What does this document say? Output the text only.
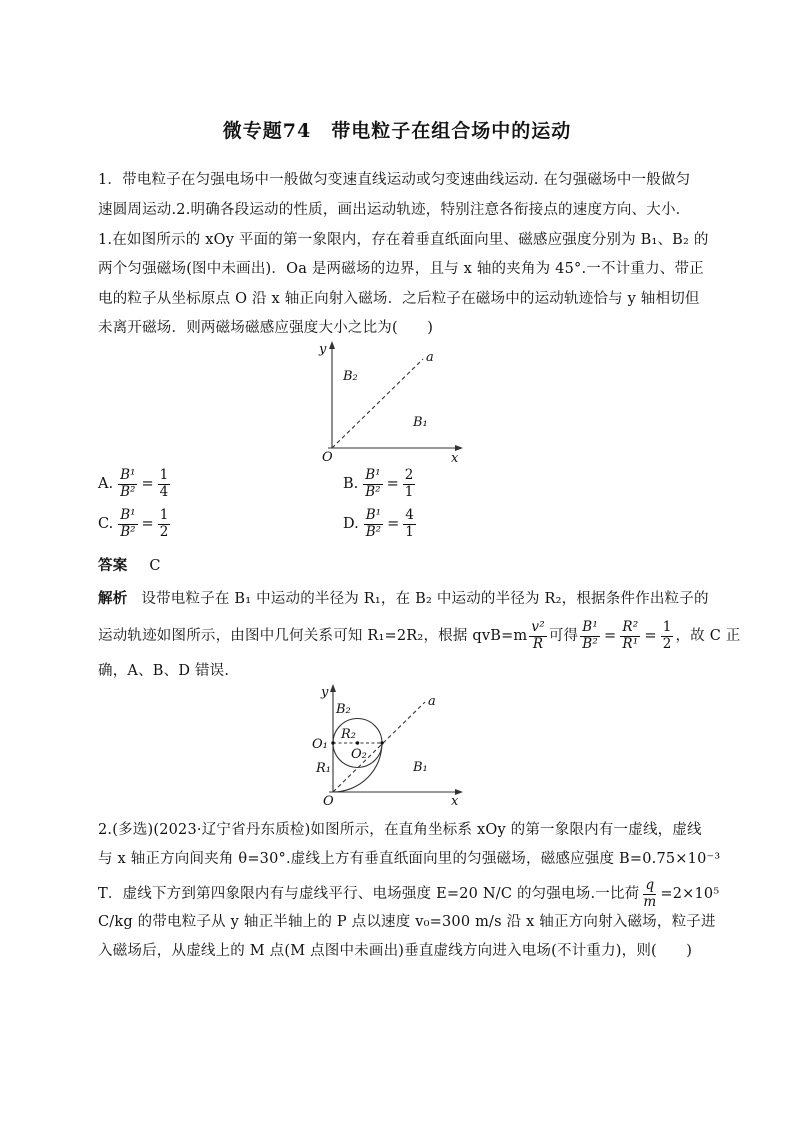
微专题74　带电粒子在组合场中的运动
1．带电粒子在匀强电场中一般做匀变速直线运动或匀变速曲线运动. 在匀强磁场中一般做匀
速圆周运动.2.明确各段运动的性质，画出运动轨迹，特别注意各衔接点的速度方向、大小．
1.在如图所示的 xOy 平面的第一象限内，存在着垂直纸面向里、磁感应强度分别为 B₁、B₂ 的
两个匀强磁场(图中未画出)．Oa 是两磁场的边界，且与 x 轴的夹角为 45°.一不计重力、带正
电的粒子从坐标原点 O 沿 x 轴正向射入磁场．之后粒子在磁场中的运动轨迹恰与 y 轴相切但
未离开磁场．则两磁场磁感应强度大小之比为(　　)
y
a
B₂
B₁
O	x
A. $\frac{\text{B¹}}{\text{B²}} = \frac{1}{4}$	B. $\frac{\text{B¹}}{\text{B²}} = \frac{2}{1}$
C. $\frac{\text{B¹}}{\text{B²}} = \frac{1}{2}$	D. $\frac{\text{B¹}}{\text{B²}} = \frac{4}{1}$
答案 C
解析 设带电粒子在 B₁ 中运动的半径为 R₁，在 B₂ 中运动的半径为 R₂，根据条件作出粒子的
运动轨迹如图所示，由图中几何关系可知 R₁=2R₂，根据 $qvB=m \frac{\text{v²}}{R}$ 可得 $\frac{\text{B¹}}{\text{B²}} = \frac{\text{R²}}{\text{R¹}} = \frac{1}{2}$ ，故 C 正
确，A、B、D 错误.
y
a
B₂
R₂
O₁
O₂
R₁	B₁
O	x
2.(多选)(2023·辽宁省丹东质检)如图所示，在直角坐标系 xOy 的第一象限内有一虚线，虚线
与 x 轴正方向间夹角 θ=30°.虚线上方有垂直纸面向里的匀强磁场，磁感应强度 B=0.75×10⁻³
T．虚线下方到第四象限内有与虚线平行、电场强度 E=20 N/C 的匀强电场.一比荷 $\frac{q}{m} =2\times 10^5$
C/kg 的带电粒子从 y 轴正半轴上的 P 点以速度 v₀=300 m/s 沿 x 轴正方向射入磁场，粒子进
入磁场后，从虚线上的 M 点(M 点图中未画出)垂直虚线方向进入电场(不计重力)，则(　　)
